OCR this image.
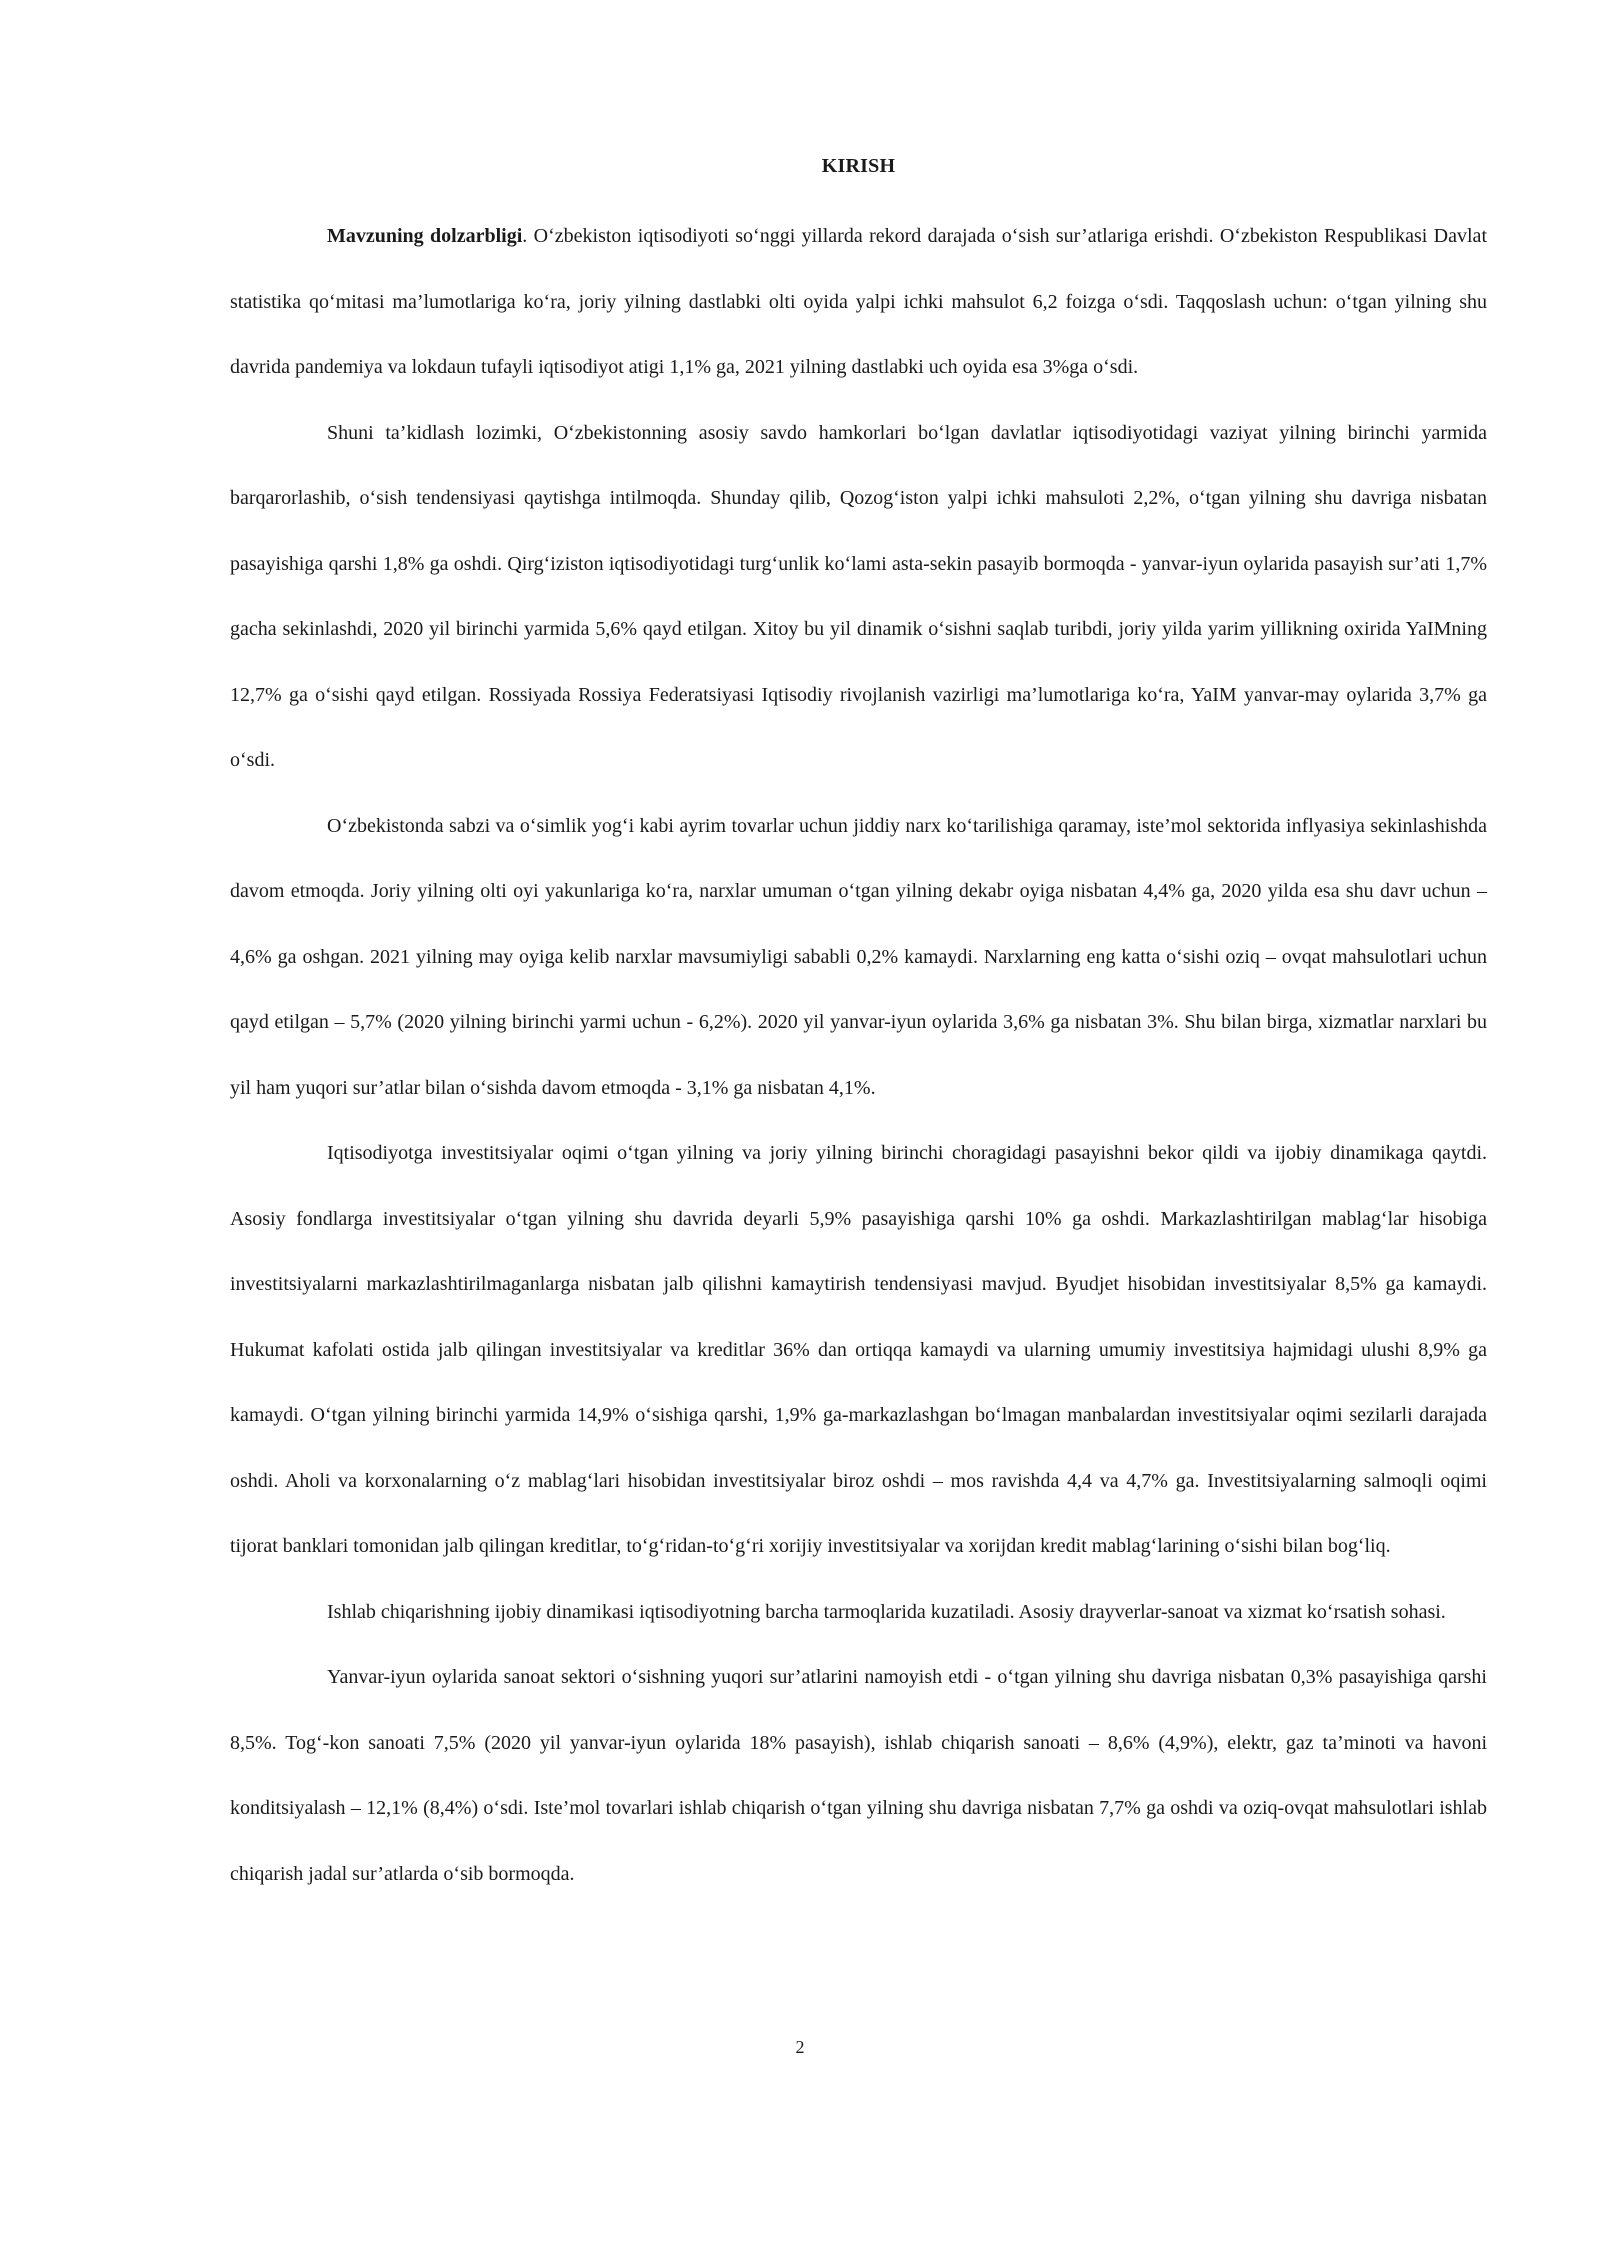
KIRISH

Mavzuning dolzarbligi. O‘zbekiston iqtisodiyoti so‘nggi yillarda rekord darajada o‘sish sur’atlariga erishdi. O‘zbekiston Respublikasi Davlat statistika qo‘mitasi ma’lumotlariga ko‘ra, joriy yilning dastlabki olti oyida yalpi ichki mahsulot 6,2 foizga o‘sdi. Taqqoslash uchun: o‘tgan yilning shu davrida pandemiya va lokdaun tufayli iqtisodiyot atigi 1,1% ga, 2021 yilning dastlabki uch oyida esa 3%ga o‘sdi.

Shuni ta’kidlash lozimki, O‘zbekistonning asosiy savdo hamkorlari bo‘lgan davlatlar iqtisodiyotidagi vaziyat yilning birinchi yarmida barqarorlashib, o‘sish tendensiyasi qaytishga intilmoqda. Shunday qilib, Qozog‘iston yalpi ichki mahsuloti 2,2%, o‘tgan yilning shu davriga nisbatan pasayishiga qarshi 1,8% ga oshdi. Qirg‘iziston iqtisodiyotidagi turg‘unlik ko‘lami asta-sekin pasayib bormoqda - yanvar-iyun oylarida pasayish sur’ati 1,7% gacha sekinlashdi, 2020 yil birinchi yarmida 5,6% qayd etilgan. Xitoy bu yil dinamik o‘sishni saqlab turibdi, joriy yilda yarim yillikning oxirida YaIMning 12,7% ga o‘sishi qayd etilgan. Rossiyada Rossiya Federatsiyasi Iqtisodiy rivojlanish vazirligi ma’lumotlariga ko‘ra, YaIM yanvar-may oylarida 3,7% ga o‘sdi.

O‘zbekistonda sabzi va o‘simlik yog‘i kabi ayrim tovarlar uchun jiddiy narx ko‘tarilishiga qaramay, iste’mol sektorida inflyasiya sekinlashishda davom etmoqda. Joriy yilning olti oyi yakunlariga ko‘ra, narxlar umuman o‘tgan yilning dekabr oyiga nisbatan 4,4% ga, 2020 yilda esa shu davr uchun – 4,6% ga oshgan. 2021 yilning may oyiga kelib narxlar mavsumiyligi sababli 0,2% kamaydi. Narxlarning eng katta o‘sishi oziq – ovqat mahsulotlari uchun qayd etilgan – 5,7% (2020 yilning birinchi yarmi uchun - 6,2%). 2020 yil yanvar-iyun oylarida 3,6% ga nisbatan 3%. Shu bilan birga, xizmatlar narxlari bu yil ham yuqori sur’atlar bilan o‘sishda davom etmoqda - 3,1% ga nisbatan 4,1%.

Iqtisodiyotga investitsiyalar oqimi o‘tgan yilning va joriy yilning birinchi choragidagi pasayishni bekor qildi va ijobiy dinamikaga qaytdi. Asosiy fondlarga investitsiyalar o‘tgan yilning shu davrida deyarli 5,9% pasayishiga qarshi 10% ga oshdi. Markazlashtirilgan mablag‘lar hisobiga investitsiyalarni markazlashtirilmaganlarga nisbatan jalb qilishni kamaytirish tendensiyasi mavjud. Byudjet hisobidan investitsiyalar 8,5% ga kamaydi. Hukumat kafolati ostida jalb qilingan investitsiyalar va kreditlar 36% dan ortiqqa kamaydi va ularning umumiy investitsiya hajmidagi ulushi 8,9% ga kamaydi. O‘tgan yilning birinchi yarmida 14,9% o‘sishiga qarshi, 1,9% ga-markazlashgan bo‘lmagan manbalardan investitsiyalar oqimi sezilarli darajada oshdi. Aholi va korxonalarning o‘z mablag‘lari hisobidan investitsiyalar biroz oshdi – mos ravishda 4,4 va 4,7% ga. Investitsiyalarning salmoqli oqimi tijorat banklari tomonidan jalb qilingan kreditlar, to‘g‘ridan-to‘g‘ri xorijiy investitsiyalar va xorijdan kredit mablag‘larining o‘sishi bilan bog‘liq.

Ishlab chiqarishning ijobiy dinamikasi iqtisodiyotning barcha tarmoqlarida kuzatiladi. Asosiy drayverlar-sanoat va xizmat ko‘rsatish sohasi.

Yanvar-iyun oylarida sanoat sektori o‘sishning yuqori sur’atlarini namoyish etdi - o‘tgan yilning shu davriga nisbatan 0,3% pasayishiga qarshi 8,5%. Tog‘-kon sanoati 7,5% (2020 yil yanvar-iyun oylarida 18% pasayish), ishlab chiqarish sanoati – 8,6% (4,9%), elektr, gaz ta’minoti va havoni konditsiyalash – 12,1% (8,4%) o‘sdi. Iste’mol tovarlari ishlab chiqarish o‘tgan yilning shu davriga nisbatan 7,7% ga oshdi va oziq-ovqat mahsulotlari ishlab chiqarish jadal sur’atlarda o‘sib bormoqda.

2
